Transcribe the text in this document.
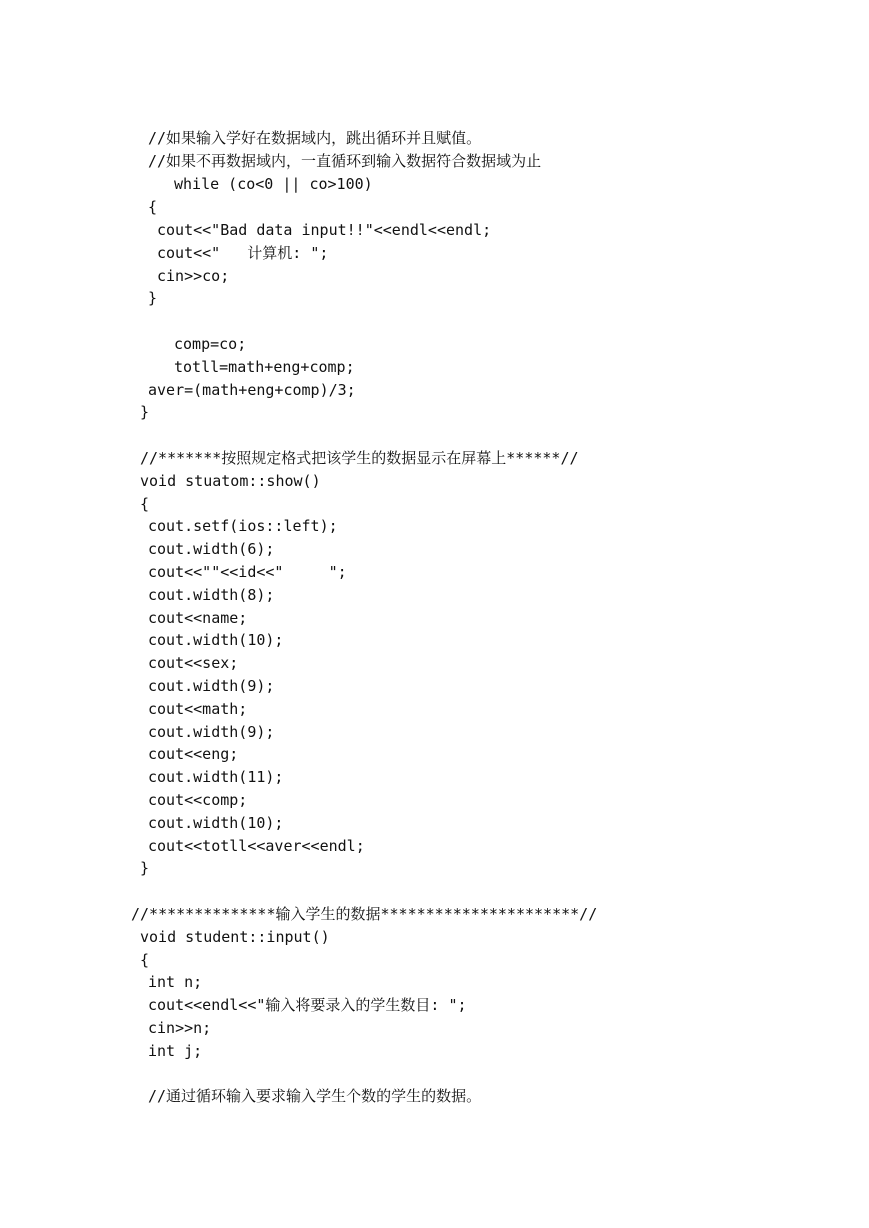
//如果输入学好在数据域内，跳出循环并且赋值。
//如果不再数据域内，一直循环到输入数据符合数据域为止
while (co<0 || co>100)
{
cout<<"Bad data input!!"<<endl<<endl;
cout<<"   计算机: ";
cin>>co;
}
comp=co;
totll=math+eng+comp;
aver=(math+eng+comp)/3;
}
//*******按照规定格式把该学生的数据显示在屏幕上******//
void stuatom::show()
{
cout.setf(ios::left);
cout.width(6);
cout<<""<<id<<"     ";
cout.width(8);
cout<<name;
cout.width(10);
cout<<sex;
cout.width(9);
cout<<math;
cout.width(9);
cout<<eng;
cout.width(11);
cout<<comp;
cout.width(10);
cout<<totll<<aver<<endl;
}
//**************输入学生的数据**********************//
void student::input()
{
int n;
cout<<endl<<"输入将要录入的学生数目: ";
cin>>n;
int j;
//通过循环输入要求输入学生个数的学生的数据。
